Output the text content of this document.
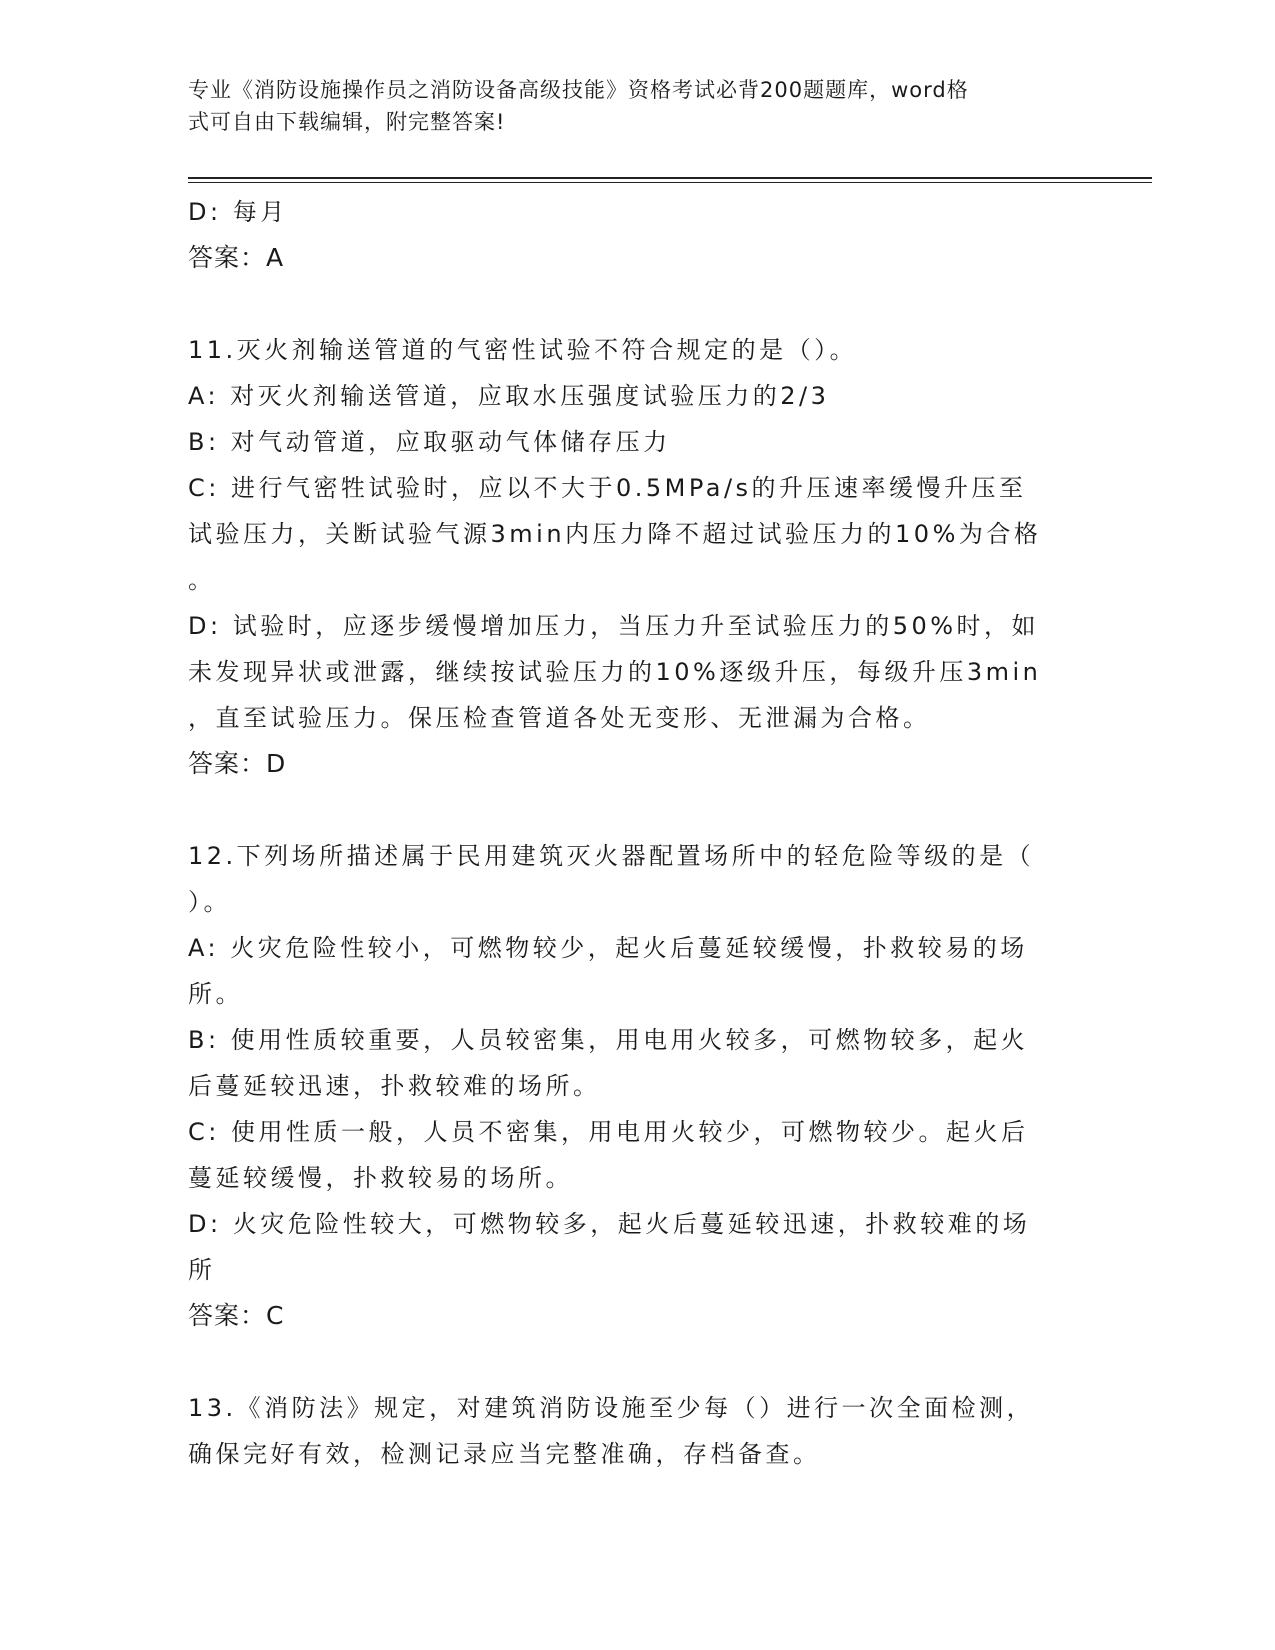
专业《消防设施操作员之消防设备高级技能》资格考试必背200题题库，word格
式可自由下载编辑，附完整答案!
D: 每月
答案：A
11.灭火剂输送管道的气密性试验不符合规定的是（）。
A: 对灭火剂输送管道，应取水压强度试验压力的2/3
B: 对气动管道，应取驱动气体储存压力
C: 进行气密牲试验时，应以不大于0.5MPa/s的升压速率缓慢升压至
试验压力，关断试验气源3min内压力降不超过试验压力的10%为合格
。
D: 试验时，应逐步缓慢增加压力，当压力升至试验压力的50%时，如
未发现异状或泄露，继续按试验压力的10%逐级升压，每级升压3min
，直至试验压力。保压检查管道各处无变形、无泄漏为合格。
答案：D
12.下列场所描述属于民用建筑灭火器配置场所中的轻危险等级的是（
）。
A: 火灾危险性较小，可燃物较少，起火后蔓延较缓慢，扑救较易的场
所。
B: 使用性质较重要，人员较密集，用电用火较多，可燃物较多，起火
后蔓延较迅速，扑救较难的场所。
C: 使用性质一般，人员不密集，用电用火较少，可燃物较少。起火后
蔓延较缓慢，扑救较易的场所。
D: 火灾危险性较大，可燃物较多，起火后蔓延较迅速，扑救较难的场
所
答案：C
13.《消防法》规定，对建筑消防设施至少每（）进行一次全面检测，
确保完好有效，检测记录应当完整准确，存档备查。
